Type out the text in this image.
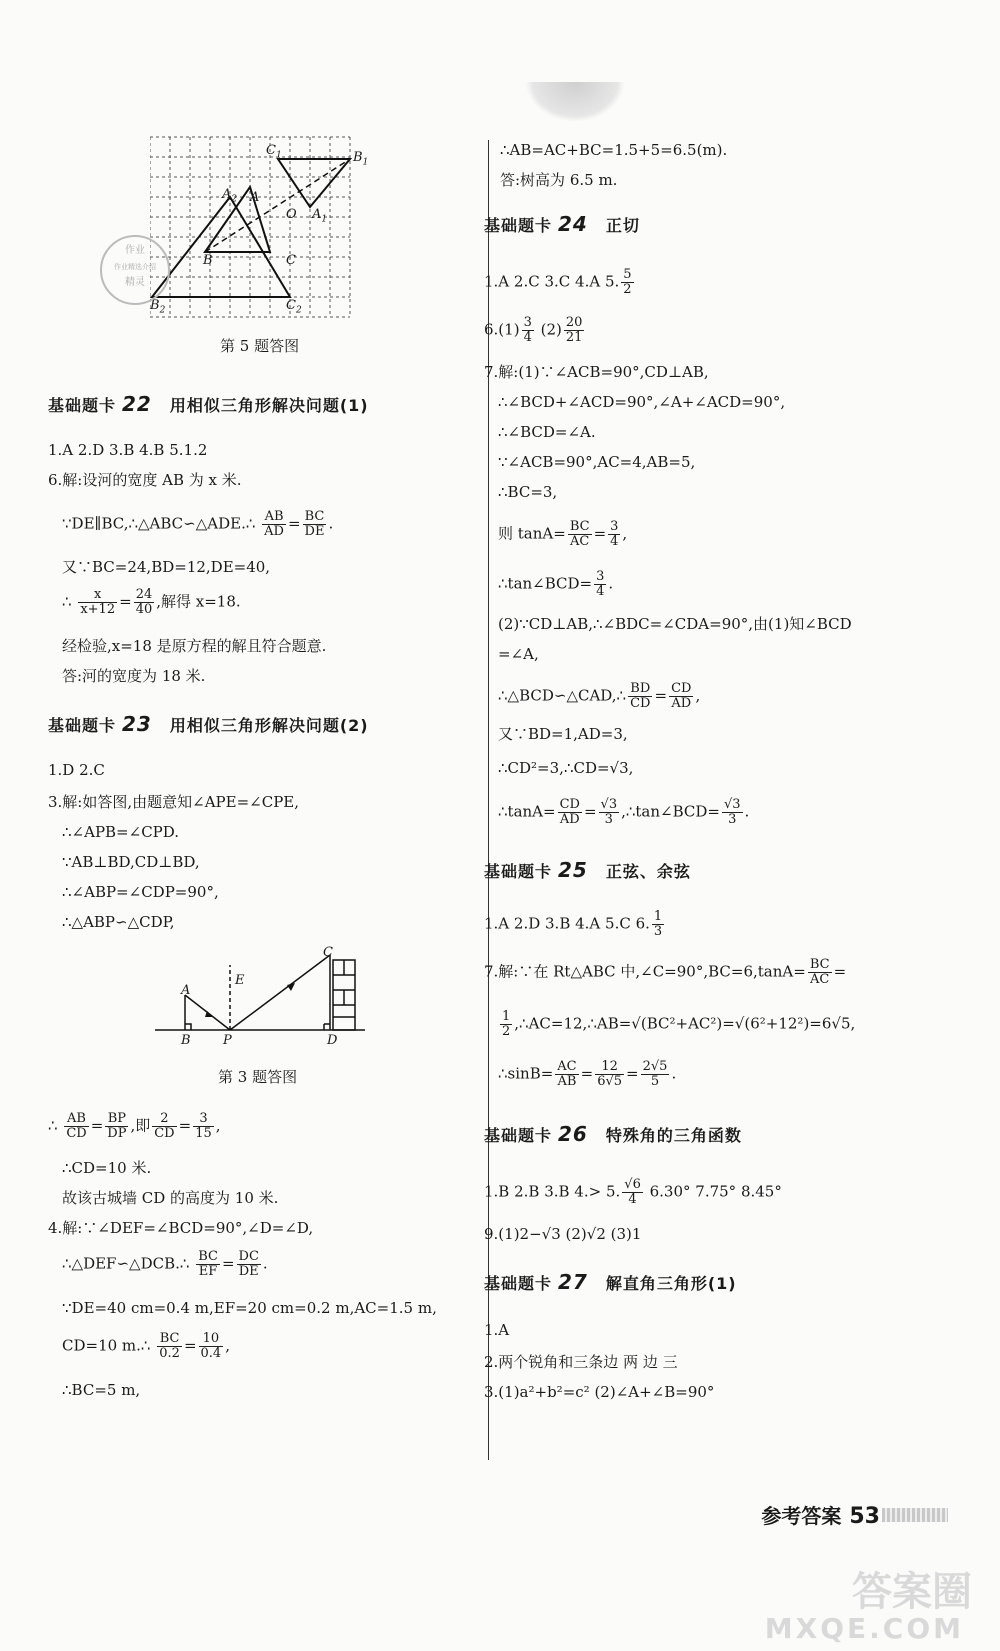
$C_1$	$B_1$
$A_2$ A
O $A_1$
B	C
$B_2$	$C_2$
作业
作业精选介绍
精灵
第 5 题答图
基础题卡 22 用相似三角形解决问题(1)
1.A 2.D 3.B 4.B 5.1.2
6.解:设河的宽度 AB 为 x 米.
∵DE∥BC,∴△ABC∽△ADE.∴ $\frac{AB}{AD} = \frac{BC}{DE}$ .
又∵BC=24,BD=12,DE=40,
∴ $\frac{x}{x+12} = \frac{24}{40}$ ,解得 x=18.
经检验,x=18 是原方程的解且符合题意.
答:河的宽度为 18 米.
基础题卡 23 用相似三角形解决问题(2)
1.D 2.C
3.解:如答图,由题意知∠APE=∠CPE,
∴∠APB=∠CPD.
∵AB⊥BD,CD⊥BD,
∴∠ABP=∠CDP=90°,
∴△ABP∽△CDP,
A
B P
E
C
D
第 3 题答图
∴ $\frac{AB}{CD} = \frac{BP}{DP}$ ,即 $\frac{2}{CD} = \frac{3}{15}$ ,
∴CD=10 米.
故该古城墙 CD 的高度为 10 米.
4.解:∵∠DEF=∠BCD=90°,∠D=∠D,
∴△DEF∽△DCB.∴ $\frac{BC}{EF} = \frac{DC}{DE}$ .
∵DE=40 cm=0.4 m,EF=20 cm=0.2 m,AC=1.5 m,
CD=10 m.∴ $\frac{BC}{0.2} = \frac{10}{0.4}$ ,
∴BC=5 m,
∴AB=AC+BC=1.5+5=6.5(m).
答:树高为 6.5 m.
基础题卡 24 正切
1.A 2.C 3.C 4.A 5. $\frac{5}{2}$
$6.(1) \frac{3}{4} (2) \frac{20}{21}$
7.解:(1)∵∠ACB=90°,CD⊥AB,
∴∠BCD+∠ACD=90°,∠A+∠ACD=90°,
∴∠BCD=∠A.
∵∠ACB=90°,AC=4,AB=5,
∴BC=3,
则 $\tan A= \frac{BC}{AC} = \frac{3}{4}$ ,
∴tan∠BCD= $\frac{3}{4}$ .
(2)∵CD⊥AB,∴∠BDC=∠CDA=90°,由(1)知∠BCD
=∠A,
∴△BCD∽△CAD,∴ $\frac{BD}{CD} = \frac{CD}{AD}$ ,
又∵BD=1,AD=3,
∴CD²=3,∴CD=√3,
∴tanA= $\frac{CD}{AD} = \frac{√3}{3}$ ,∴tan∠BCD= $\frac{√3}{3}$ .
基础题卡 25 正弦、余弦
1.A 2.D 3.B 4.A 5.C 6. $\frac{1}{3}$
7.解:∵在 Rt△ABC 中,∠C=90°,BC=6,tanA= $\frac{BC}{AC}$ =
$\frac{1}{2}$ ,∴AC=12,∴AB=√(BC²+AC²)=√(6²+12²)=6√5,
∴sinB= $\frac{AC}{AB} = \frac{12}{6√5} = \frac{2√5}{5}$ .
基础题卡 26 特殊角的三角函数
1.B 2.B 3.B 4.> 5. $\frac{√6}{4} 6.30^\circ$ 7.75° 8.45°
9.(1)2−√3 (2)√2 (3)1
基础题卡 27 解直角三角形(1)
1.A
2.两个锐角和三条边 两 边 三
3.(1)a²+b²=c² (2)∠A+∠B=90°
参考答案 53
答案圈
MXQE.COM
